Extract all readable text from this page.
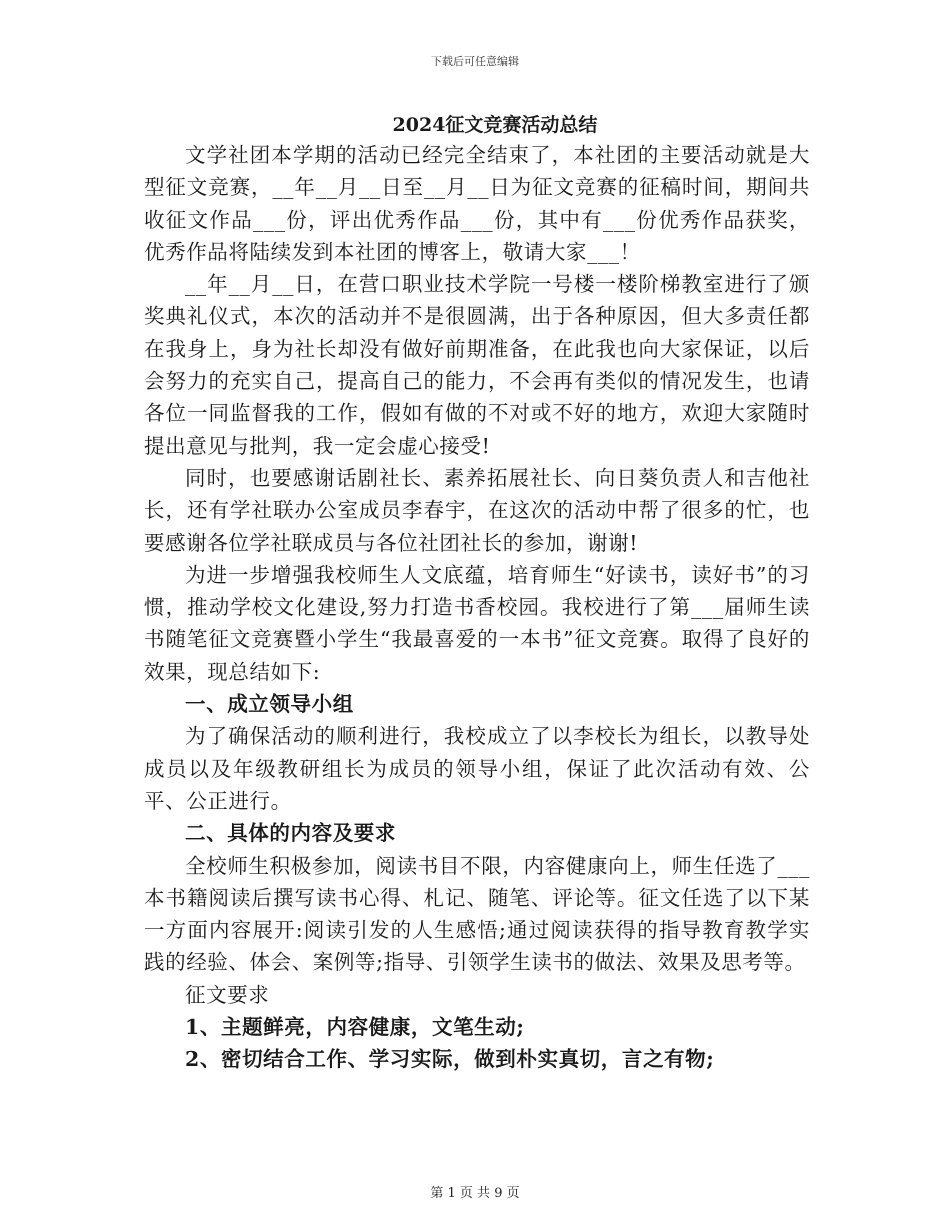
下载后可任意编辑
2024征文竞赛活动总结

文学社团本学期的活动已经完全结束了，本社团的主要活动就是大型征文竞赛，__年__月__日至__月__日为征文竞赛的征稿时间，期间共收征文作品___份，评出优秀作品___份，其中有___份优秀作品获奖，优秀作品将陆续发到本社团的博客上，敬请大家___！

__年__月__日，在营口职业技术学院一号楼一楼阶梯教室进行了颁奖典礼仪式，本次的活动并不是很圆满，出于各种原因，但大多责任都在我身上，身为社长却没有做好前期准备，在此我也向大家保证，以后会努力的充实自己，提高自己的能力，不会再有类似的情况发生，也请各位一同监督我的工作，假如有做的不对或不好的地方，欢迎大家随时提出意见与批判，我一定会虚心接受!

同时，也要感谢话剧社长、素养拓展社长、向日葵负责人和吉他社长，还有学社联办公室成员李春宇，在这次的活动中帮了很多的忙，也要感谢各位学社联成员与各位社团社长的参加，谢谢!

为进一步增强我校师生人文底蕴，培育师生“好读书，读好书”的习惯，推动学校文化建设,努力打造书香校园。我校进行了第___届师生读书随笔征文竞赛暨小学生“我最喜爱的一本书”征文竞赛。取得了良好的效果，现总结如下:

一、成立领导小组

为了确保活动的顺利进行，我校成立了以李校长为组长，以教导处成员以及年级教研组长为成员的领导小组，保证了此次活动有效、公平、公正进行。

二、具体的内容及要求

全校师生积极参加，阅读书目不限，内容健康向上，师生任选了___本书籍阅读后撰写读书心得、札记、随笔、评论等。征文任选了以下某一方面内容展开:阅读引发的人生感悟;通过阅读获得的指导教育教学实践的经验、体会、案例等;指导、引领学生读书的做法、效果及思考等。

征文要求

1、主题鲜亮，内容健康，文笔生动;

2、密切结合工作、学习实际，做到朴实真切，言之有物;

第 1 页 共 9 页
